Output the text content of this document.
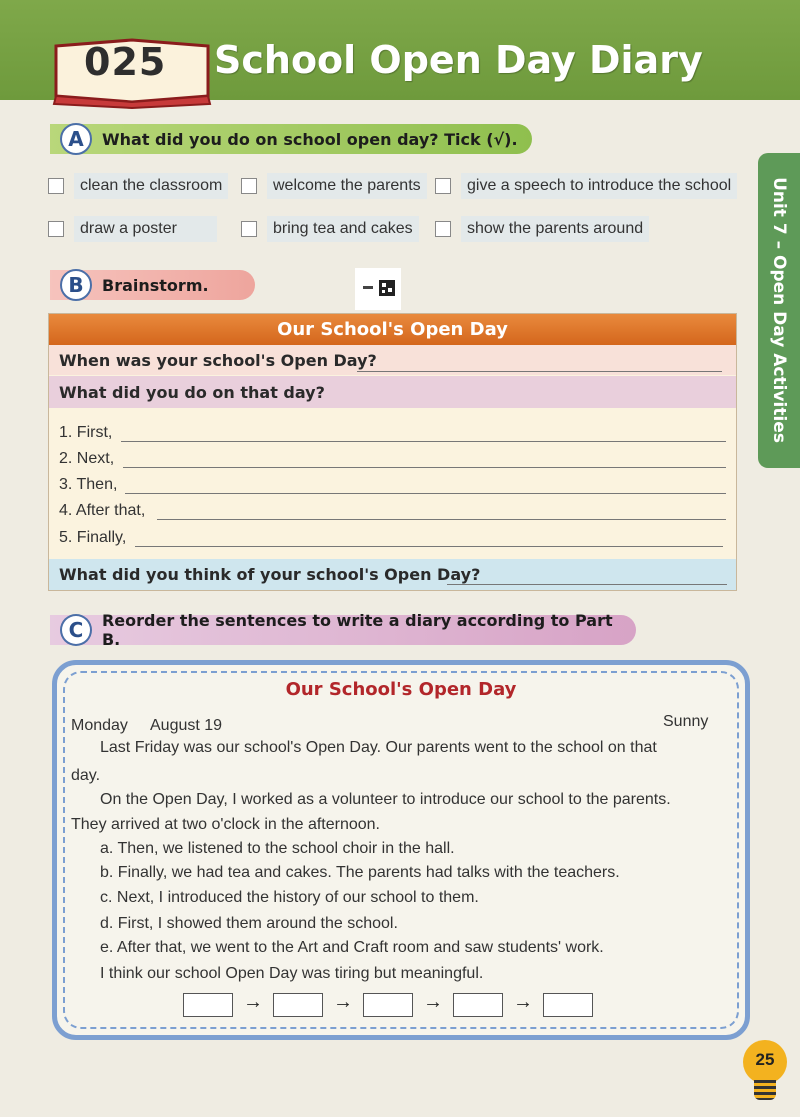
025 School Open Day Diary
Unit 7 – Open Day Activities
A	What did you do on school open day? Tick (√).
clean the classroom	welcome the parents	give a speech to introduce the school
draw a poster	bring tea and cakes	show the parents around
B	Brainstorm.
Our School's Open Day
When was your school's Open Day?
What did you do on that day?
1. First,
2. Next,
3. Then,
4. After that,
5. Finally,
What did you think of your school's Open Day?
C	Reorder the sentences to write a diary according to Part B.
Our School's Open Day
Monday August 19	Sunny
Last Friday was our school's Open Day. Our parents went to the school on that
day.
On the Open Day, I worked as a volunteer to introduce our school to the parents.
They arrived at two o'clock in the afternoon.
a. Then, we listened to the school choir in the hall.
b. Finally, we had tea and cakes. The parents had talks with the teachers.
c. Next, I introduced the history of our school to them.
d. First, I showed them around the school.
e. After that, we went to the Art and Craft room and saw students' work.
I think our school Open Day was tiring but meaningful.
→	→	→	→
25
